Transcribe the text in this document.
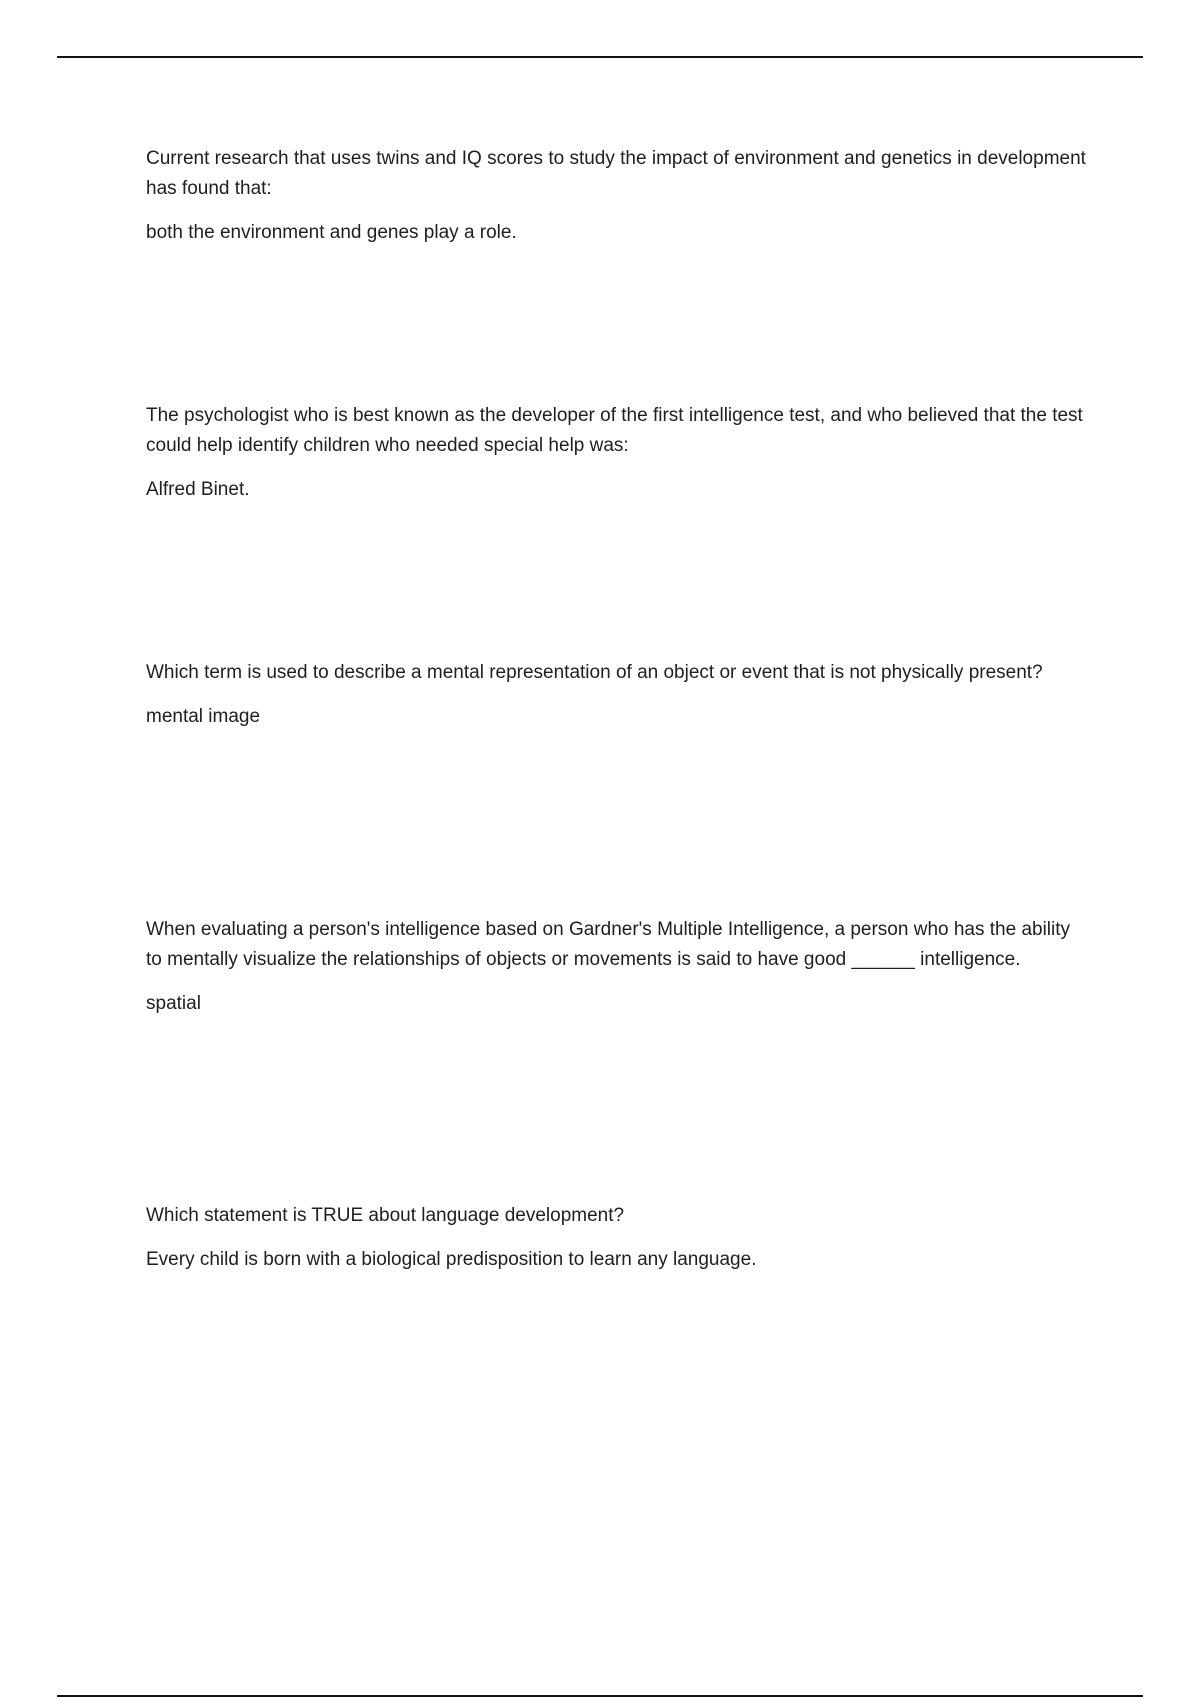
Current research that uses twins and IQ scores to study the impact of environment and genetics in development has found that:

both the environment and genes play a role.

The psychologist who is best known as the developer of the first intelligence test, and who believed that the test could help identify children who needed special help was:

Alfred Binet.

Which term is used to describe a mental representation of an object or event that is not physically present?

mental image

When evaluating a person's intelligence based on Gardner's Multiple Intelligence, a person who has the ability to mentally visualize the relationships of objects or movements is said to have good ______ intelligence.

spatial

Which statement is TRUE about language development?

Every child is born with a biological predisposition to learn any language.
